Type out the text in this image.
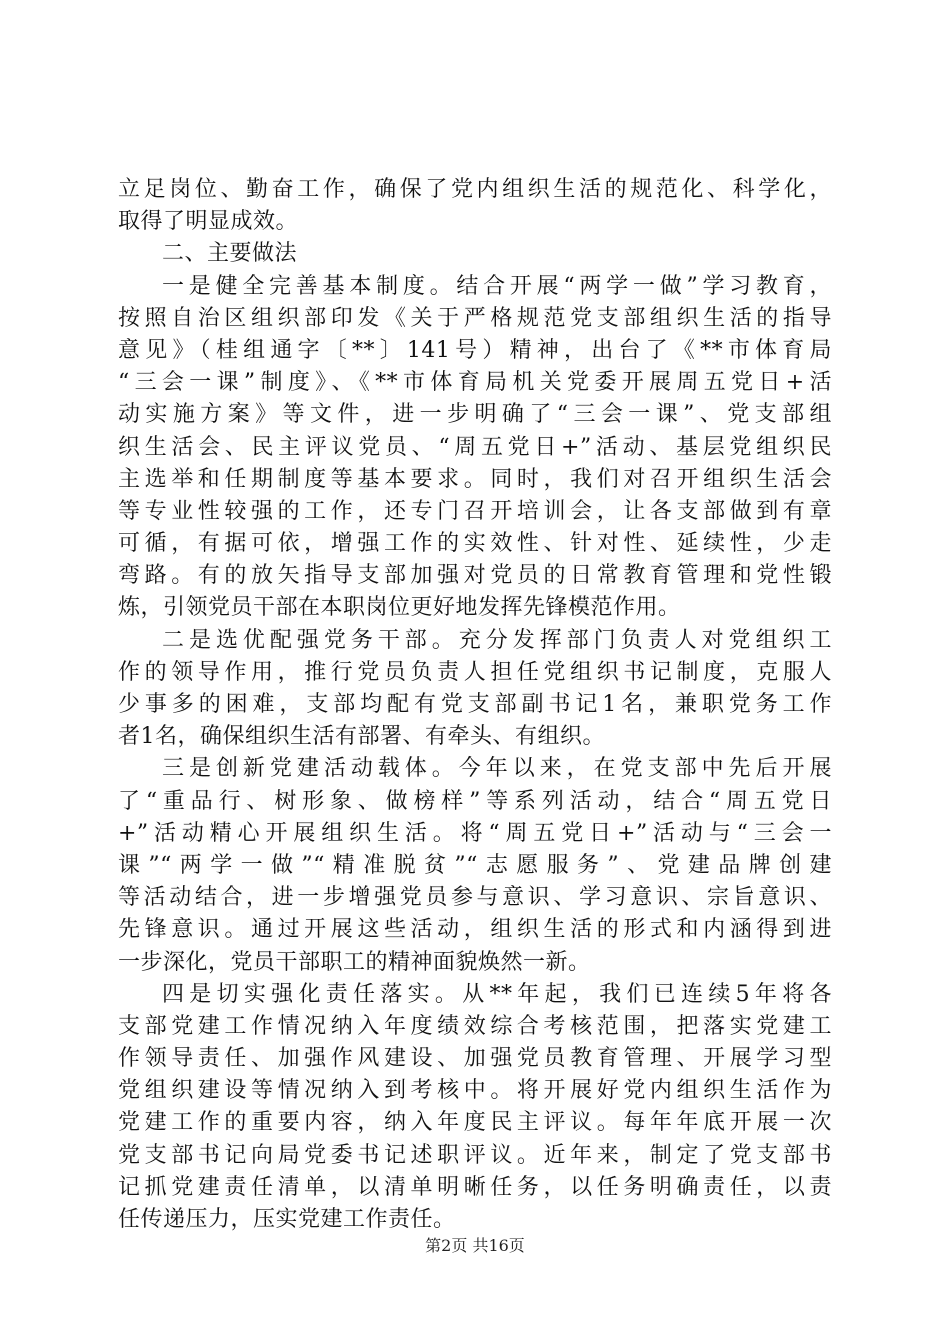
立足岗位、勤奋工作，确保了党内组织生活的规范化、科学化，
取得了明显成效。
二、主要做法
一是健全完善基本制度。结合开展“两学一做”学习教育，
按照自治区组织部印发《关于严格规范党支部组织生活的指导
意见》（桂组通字〔**〕141号）精神，出台了《**市体育局
“三会一课”制度》、《**市体育局机关党委开展周五党日+活
动实施方案》等文件，进一步明确了“三会一课”、党支部组
织生活会、民主评议党员、“周五党日+”活动、基层党组织民
主选举和任期制度等基本要求。同时，我们对召开组织生活会
等专业性较强的工作，还专门召开培训会，让各支部做到有章
可循，有据可依，增强工作的实效性、针对性、延续性，少走
弯路。有的放矢指导支部加强对党员的日常教育管理和党性锻
炼，引领党员干部在本职岗位更好地发挥先锋模范作用。
二是选优配强党务干部。充分发挥部门负责人对党组织工
作的领导作用，推行党员负责人担任党组织书记制度，克服人
少事多的困难，支部均配有党支部副书记1名，兼职党务工作
者1名，确保组织生活有部署、有牵头、有组织。
三是创新党建活动载体。今年以来，在党支部中先后开展
了“重品行、树形象、做榜样”等系列活动，结合“周五党日
+”活动精心开展组织生活。将“周五党日+”活动与“三会一
课”“两学一做”“精准脱贫”“志愿服务”、党建品牌创建
等活动结合，进一步增强党员参与意识、学习意识、宗旨意识、
先锋意识。通过开展这些活动，组织生活的形式和内涵得到进
一步深化，党员干部职工的精神面貌焕然一新。
四是切实强化责任落实。从**年起，我们已连续5年将各
支部党建工作情况纳入年度绩效综合考核范围，把落实党建工
作领导责任、加强作风建设、加强党员教育管理、开展学习型
党组织建设等情况纳入到考核中。将开展好党内组织生活作为
党建工作的重要内容，纳入年度民主评议。每年年底开展一次
党支部书记向局党委书记述职评议。近年来，制定了党支部书
记抓党建责任清单，以清单明晰任务，以任务明确责任，以责
任传递压力，压实党建工作责任。
第2页 共16页
